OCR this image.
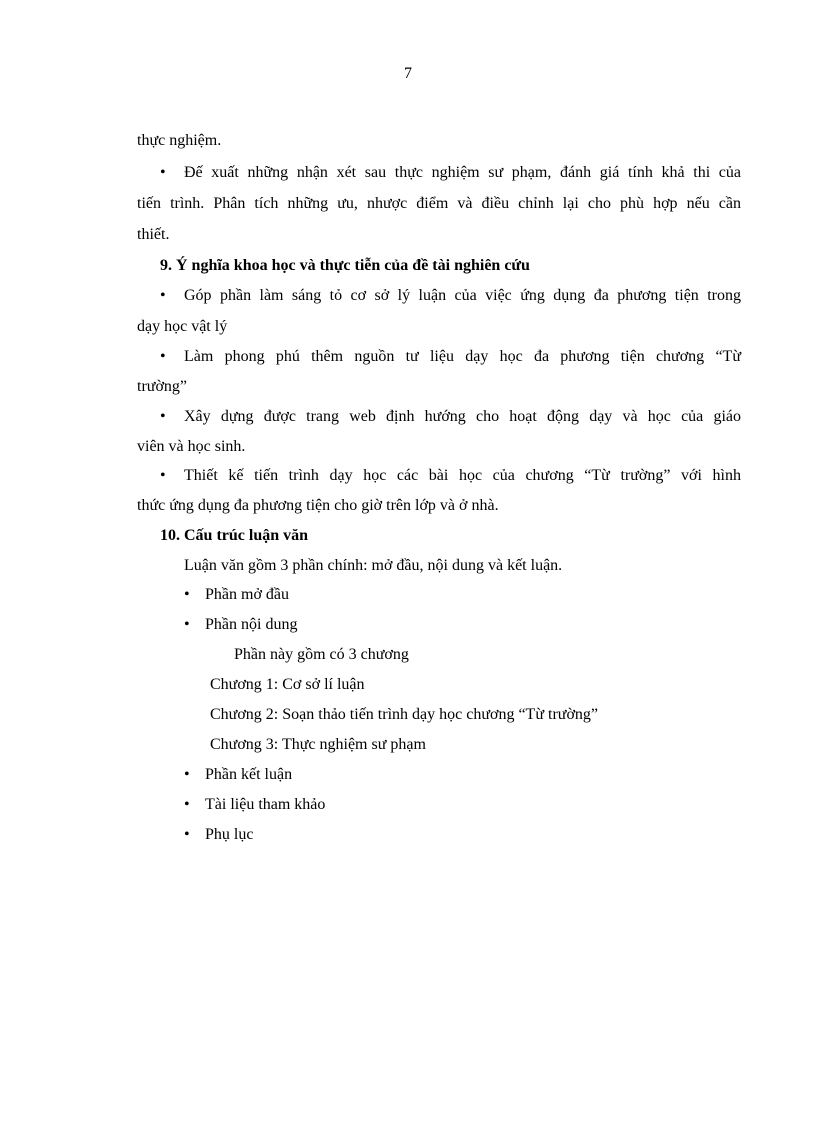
7
thực nghiệm.
• Đế xuất những nhận xét sau thực nghiệm sư phạm, đánh giá tính khả thi của
tiến trình. Phân tích những ưu, nhược điểm và điều chỉnh lại cho phù hợp nếu cần
thiết.
9. Ý nghĩa khoa học và thực tiễn của đề tài nghiên cứu
• Góp phần làm sáng tỏ cơ sở lý luận của việc ứng dụng đa phương tiện trong
dạy học vật lý
• Làm phong phú thêm nguồn tư liệu dạy học đa phương tiện chương “Từ
trường”
• Xây dựng được trang web định hướng cho hoạt động dạy và học của giáo
viên và học sinh.
• Thiết kế tiến trình dạy học các bài học của chương “Từ trường” với hình
thức ứng dụng đa phương tiện cho giờ trên lớp và ở nhà.
10. Cấu trúc luận văn
Luận văn gồm 3 phần chính: mở đầu, nội dung và kết luận.
• Phần mở đầu
• Phần nội dung
Phần này gồm có 3 chương
Chương 1: Cơ sở lí luận
Chương 2: Soạn thảo tiến trình dạy học chương “Từ trường”
Chương 3: Thực nghiệm sư phạm
• Phần kết luận
• Tài liệu tham khảo
• Phụ lục
